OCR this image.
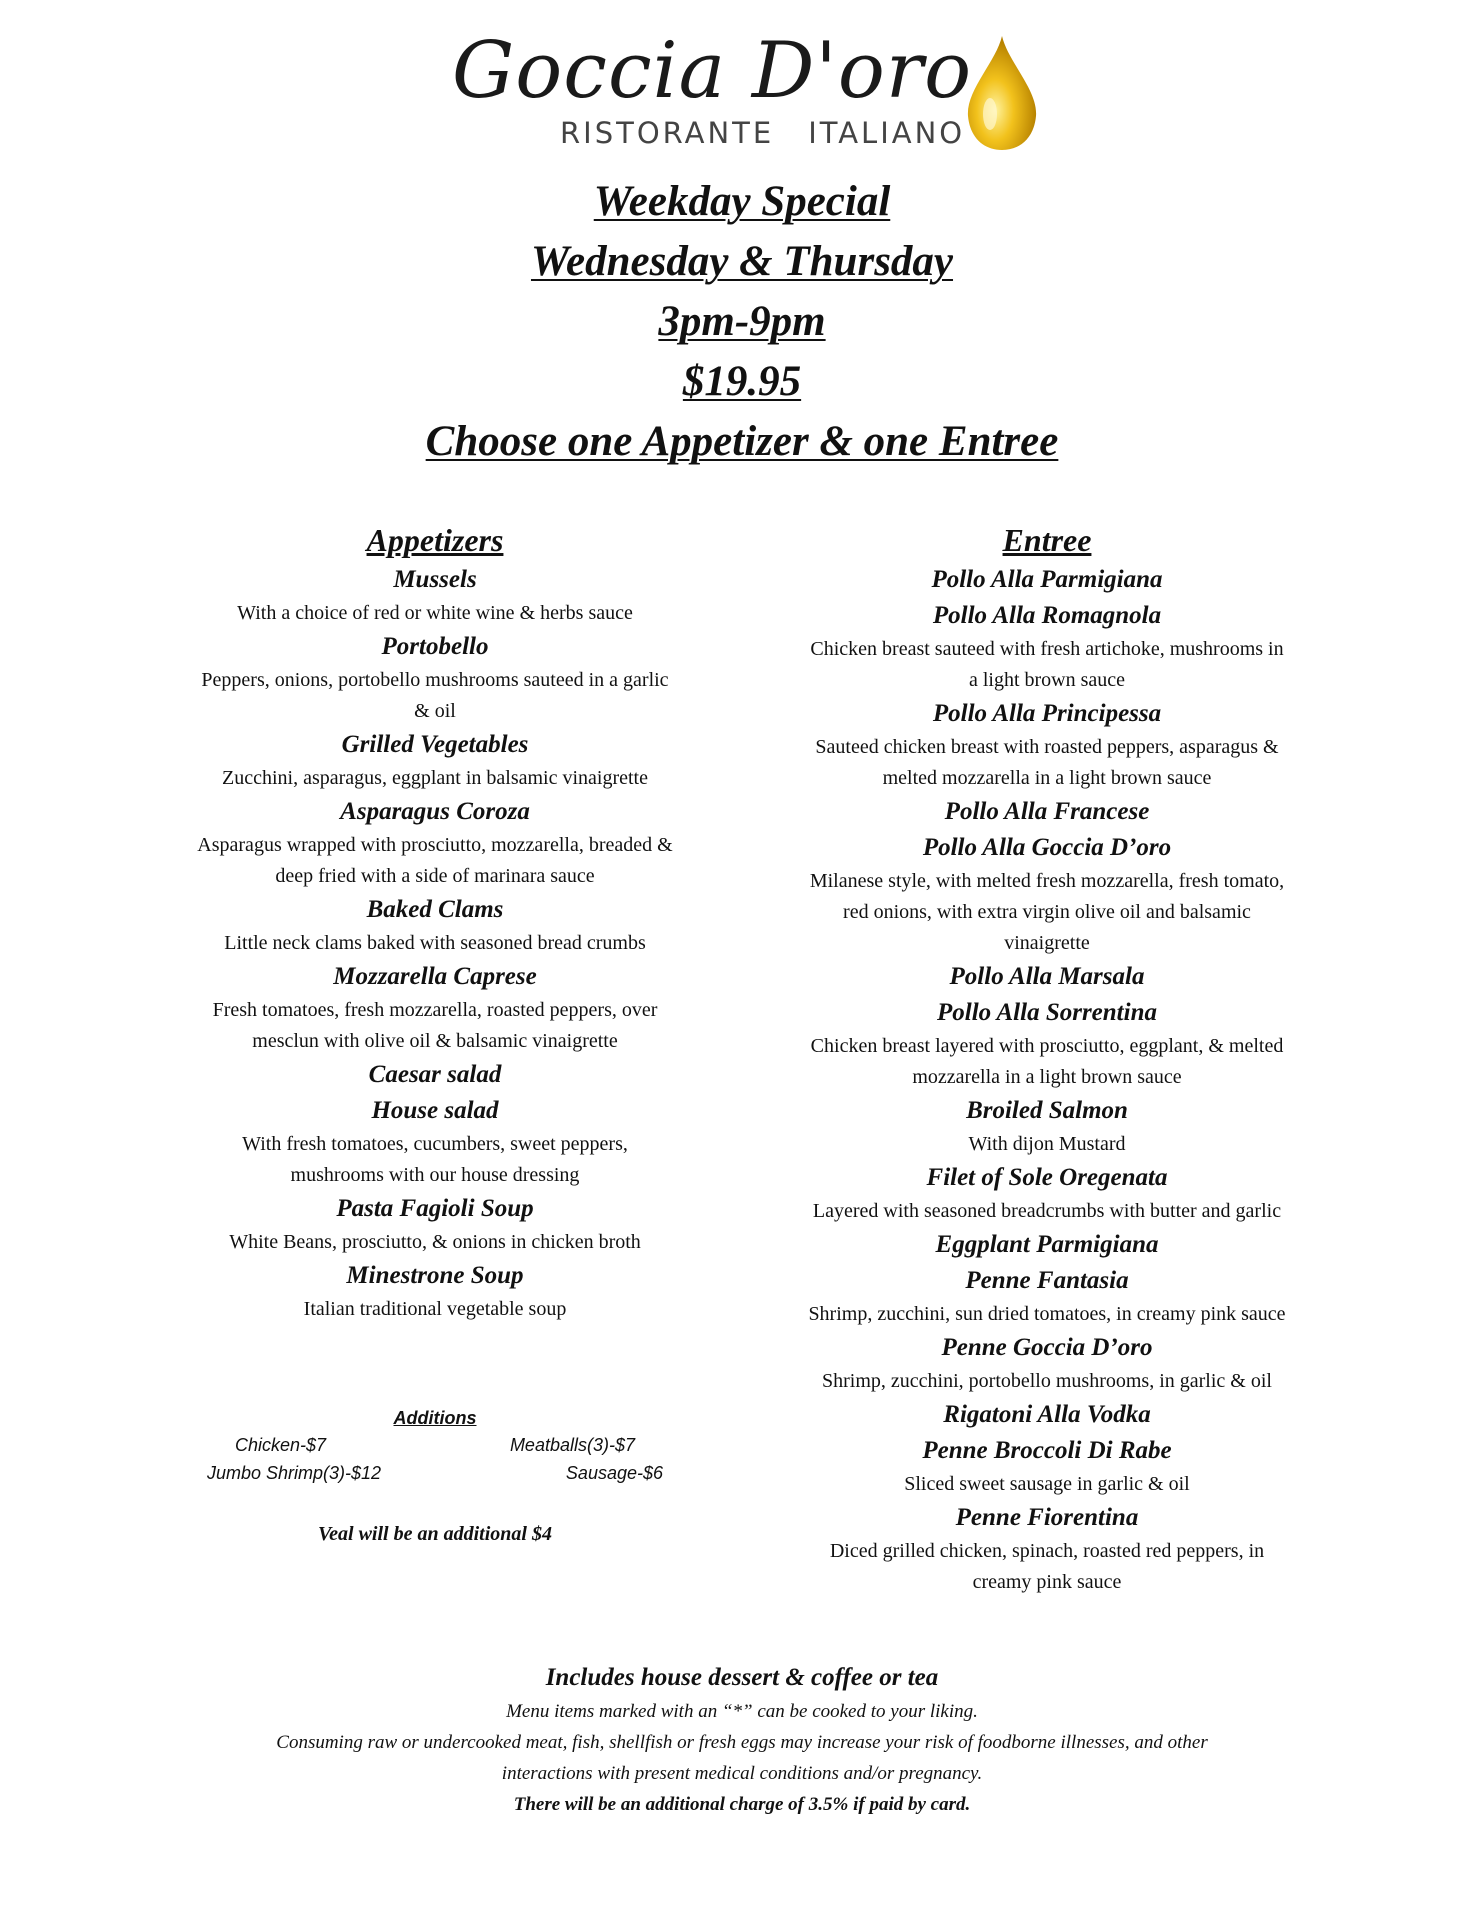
Goccia D'oro
RISTORANTE ITALIANO
Weekday Special
Wednesday & Thursday
3pm-9pm
$19.95
Choose one Appetizer & one Entree
Appetizers
Mussels
With a choice of red or white wine & herbs sauce
Portobello
Peppers, onions, portobello mushrooms sauteed in a garlic
& oil
Grilled Vegetables
Zucchini, asparagus, eggplant in balsamic vinaigrette
Asparagus Coroza
Asparagus wrapped with prosciutto, mozzarella, breaded &
deep fried with a side of marinara sauce
Baked Clams
Little neck clams baked with seasoned bread crumbs
Mozzarella Caprese
Fresh tomatoes, fresh mozzarella, roasted peppers, over
mesclun with olive oil & balsamic vinaigrette
Caesar salad
House salad
With fresh tomatoes, cucumbers, sweet peppers,
mushrooms with our house dressing
Pasta Fagioli Soup
White Beans, prosciutto, & onions in chicken broth
Minestrone Soup
Italian traditional vegetable soup
Additions
Chicken-$7	Meatballs(3)-$7
Jumbo Shrimp(3)-$12	Sausage-$6
Veal will be an additional $4
Entree
Pollo Alla Parmigiana
Pollo Alla Romagnola
Chicken breast sauteed with fresh artichoke, mushrooms in
a light brown sauce
Pollo Alla Principessa
Sauteed chicken breast with roasted peppers, asparagus &
melted mozzarella in a light brown sauce
Pollo Alla Francese
Pollo Alla Goccia D’oro
Milanese style, with melted fresh mozzarella, fresh tomato,
red onions, with extra virgin olive oil and balsamic
vinaigrette
Pollo Alla Marsala
Pollo Alla Sorrentina
Chicken breast layered with prosciutto, eggplant, & melted
mozzarella in a light brown sauce
Broiled Salmon
With dijon Mustard
Filet of Sole Oregenata
Layered with seasoned breadcrumbs with butter and garlic
Eggplant Parmigiana
Penne Fantasia
Shrimp, zucchini, sun dried tomatoes, in creamy pink sauce
Penne Goccia D’oro
Shrimp, zucchini, portobello mushrooms, in garlic & oil
Rigatoni Alla Vodka
Penne Broccoli Di Rabe
Sliced sweet sausage in garlic & oil
Penne Fiorentina
Diced grilled chicken, spinach, roasted red peppers, in
creamy pink sauce
Includes house dessert & coffee or tea
Menu items marked with an “*” can be cooked to your liking.
Consuming raw or undercooked meat, fish, shellfish or fresh eggs may increase your risk of foodborne illnesses, and other
interactions with present medical conditions and/or pregnancy.
There will be an additional charge of 3.5% if paid by card.
